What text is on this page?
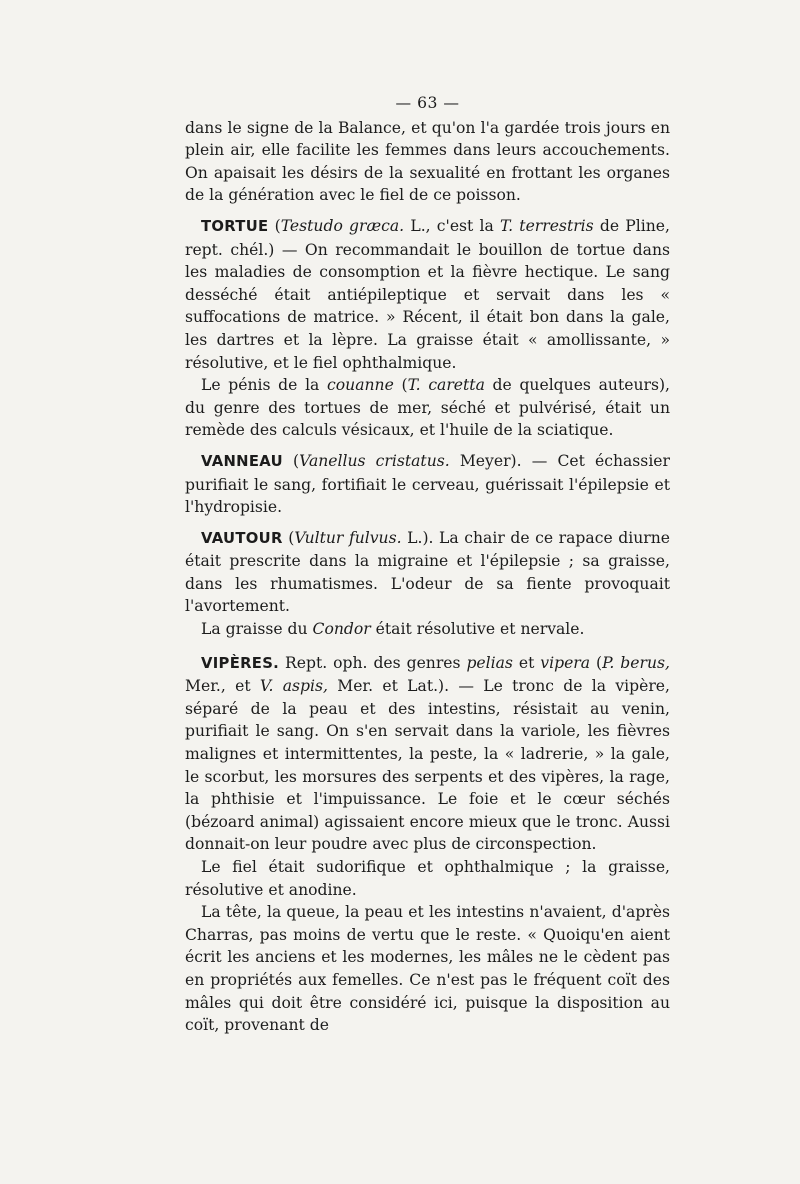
— 63 —

dans le signe de la Balance, et qu'on l'a gardée trois jours en plein air, elle facilite les femmes dans leurs accouchements. On apaisait les désirs de la sexualité en frottant les organes de la génération avec le fiel de ce poisson.

TORTUE (Testudo græca. L., c'est la T. terrestris de Pline, rept. chél.) — On recommandait le bouillon de tortue dans les maladies de consomption et la fièvre hectique. Le sang desséché était antiépileptique et servait dans les « suffocations de matrice. » Récent, il était bon dans la gale, les dartres et la lèpre. La graisse était « amollissante, » résolutive, et le fiel ophthalmique.

Le pénis de la couanne (T. caretta de quelques auteurs), du genre des tortues de mer, séché et pulvérisé, était un remède des calculs vésicaux, et l'huile de la sciatique.

VANNEAU (Vanellus cristatus. Meyer). — Cet échassier purifiait le sang, fortifiait le cerveau, guérissait l'épilepsie et l'hydropisie.

VAUTOUR (Vultur fulvus. L.). La chair de ce rapace diurne était prescrite dans la migraine et l'épilepsie ; sa graisse, dans les rhumatismes. L'odeur de sa fiente provoquait l'avortement.

La graisse du Condor était résolutive et nervale.

VIPÈRES. Rept. oph. des genres pelias et vipera (P. berus, Mer., et V. aspis, Mer. et Lat.). — Le tronc de la vipère, séparé de la peau et des intestins, résistait au venin, purifiait le sang. On s'en servait dans la variole, les fièvres malignes et intermittentes, la peste, la « ladrerie, » la gale, le scorbut, les morsures des serpents et des vipères, la rage, la phthisie et l'impuissance. Le foie et le cœur séchés (bézoard animal) agissaient encore mieux que le tronc. Aussi donnait-on leur poudre avec plus de circonspection.

Le fiel était sudorifique et ophthalmique ; la graisse, résolutive et anodine.

La tête, la queue, la peau et les intestins n'avaient, d'après Charras, pas moins de vertu que le reste. « Quoiqu'en aient écrit les anciens et les modernes, les mâles ne le cèdent pas en propriétés aux femelles. Ce n'est pas le fréquent coït des mâles qui doit être considéré ici, puisque la disposition au coït, provenant de
